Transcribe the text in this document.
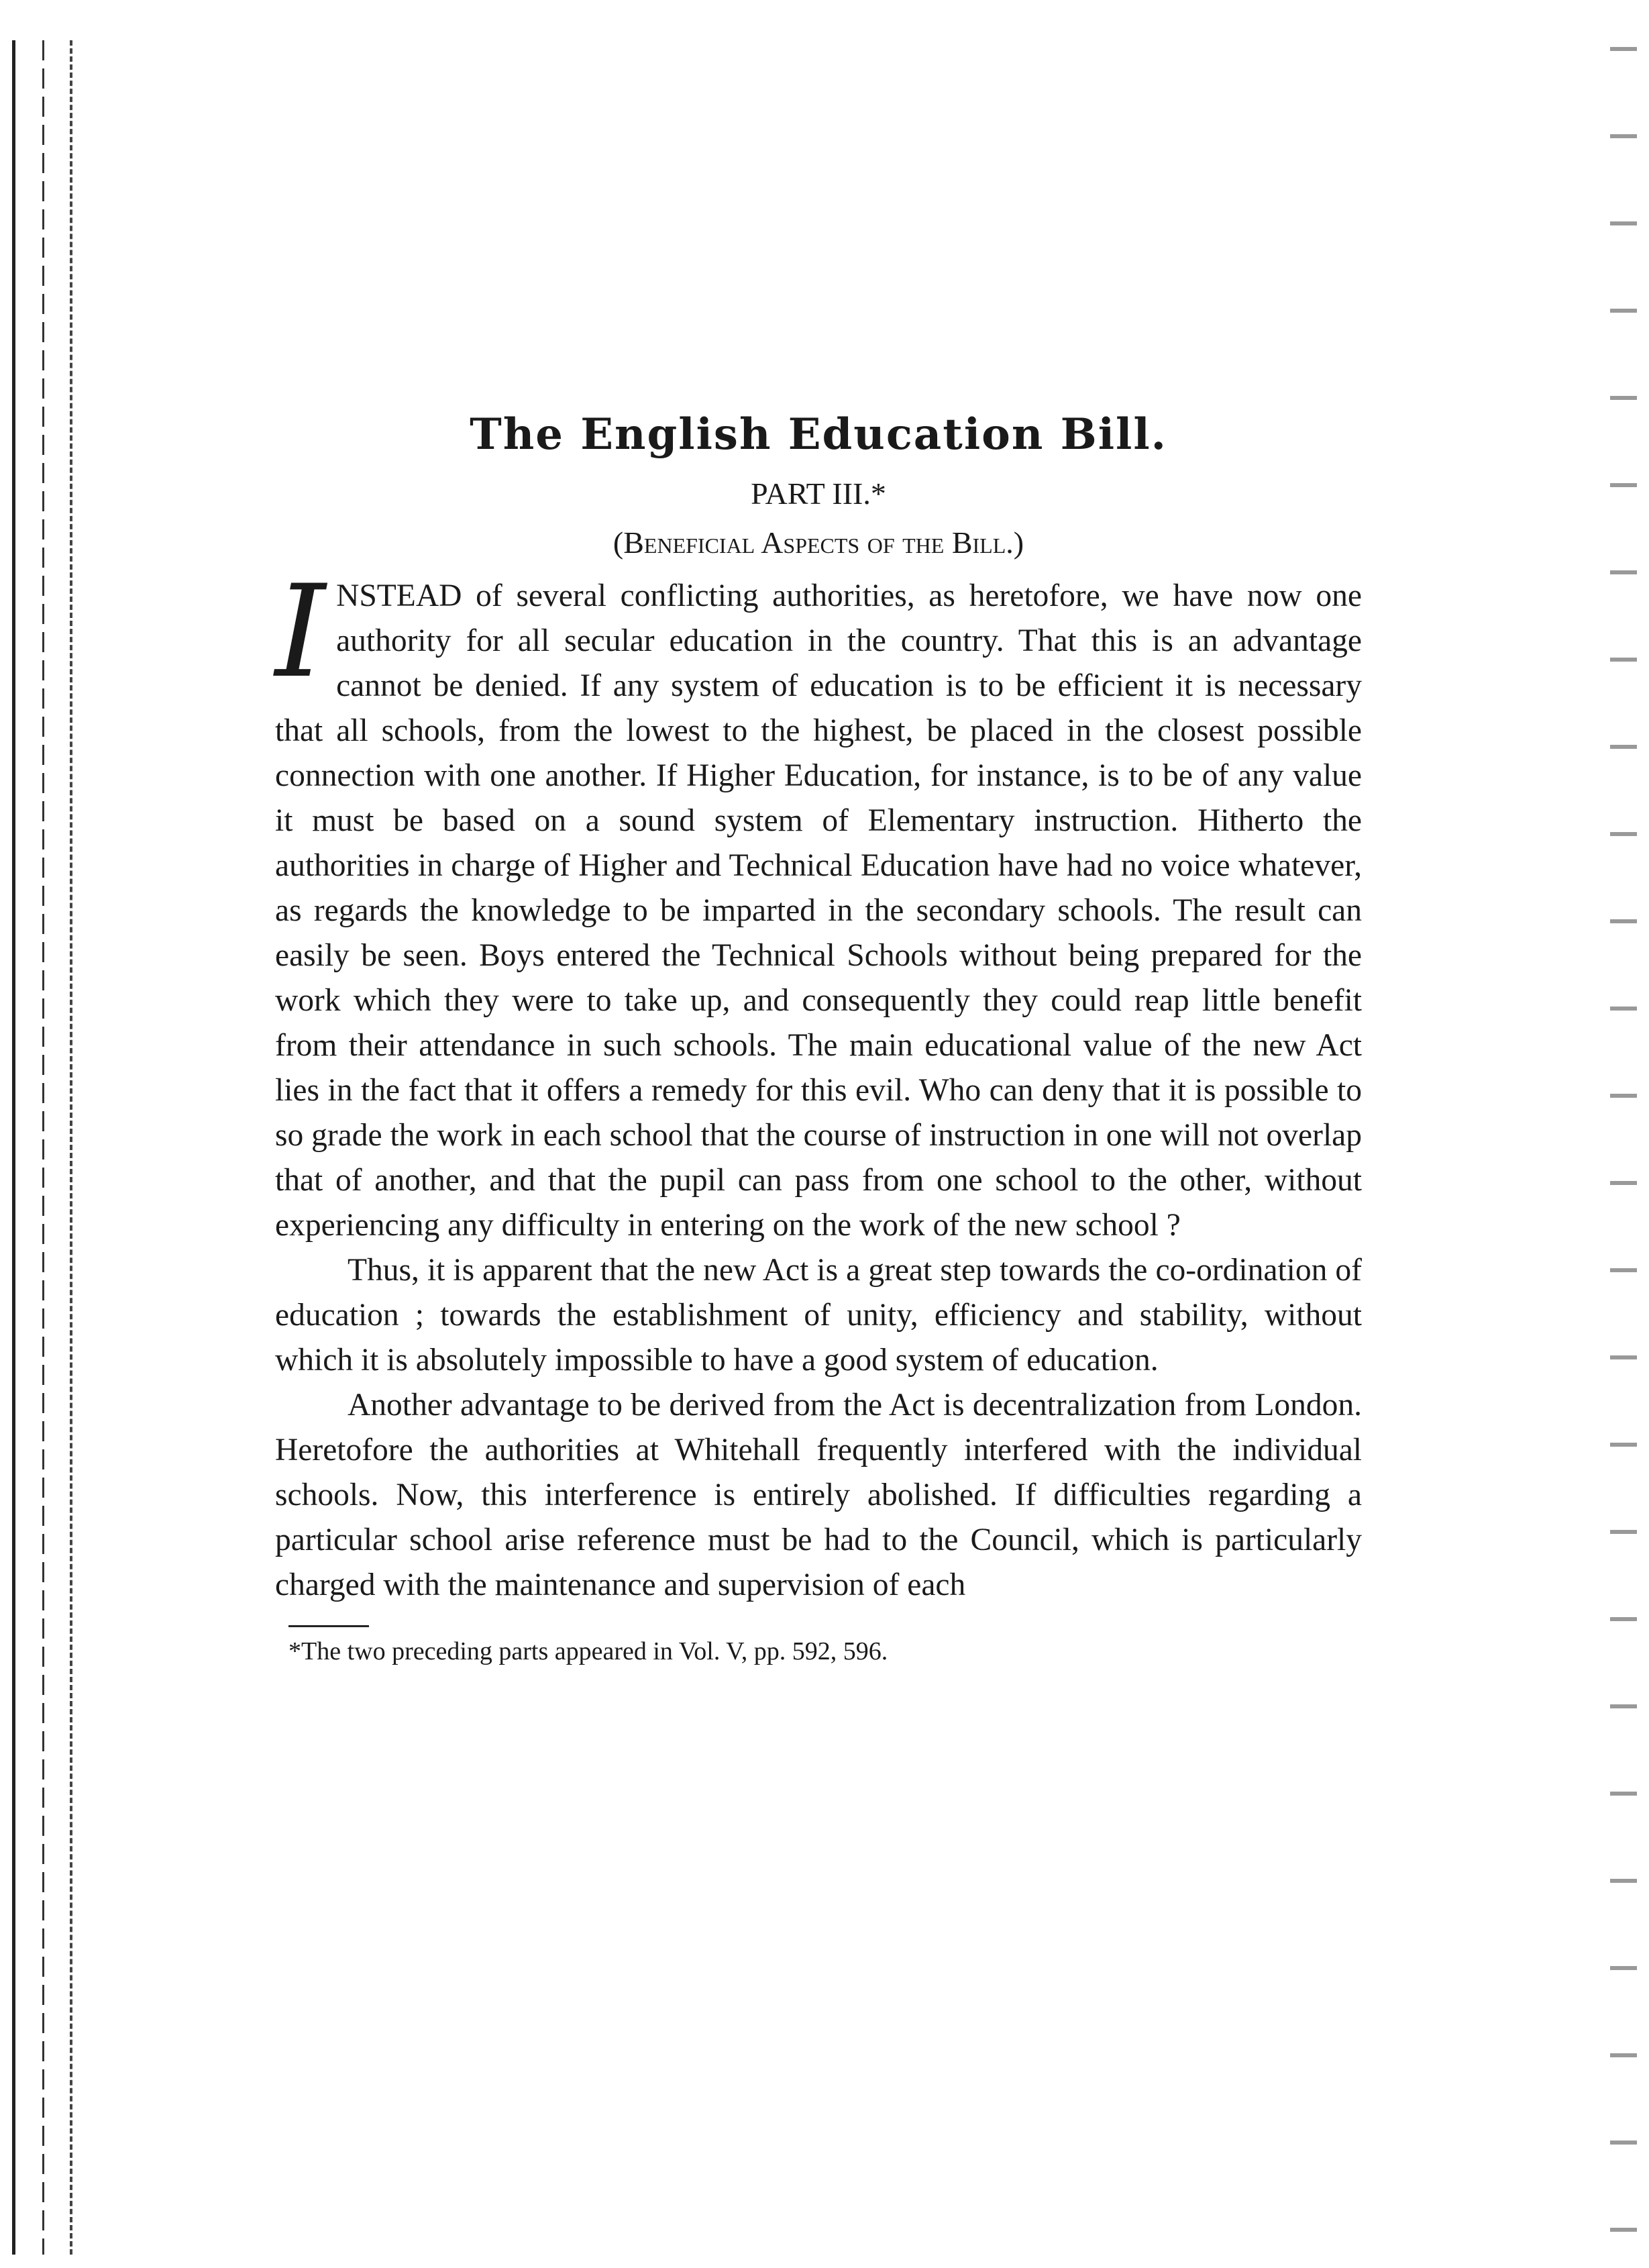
The English Education Bill.
PART III.*
(Beneficial Aspects of the Bill.)

INSTEAD of several conflicting authorities, as heretofore, we have now one authority for all secular education in the country. That this is an advantage cannot be denied. If any system of education is to be efficient it is necessary that all schools, from the lowest to the highest, be placed in the closest possible connection with one another. If Higher Education, for instance, is to be of any value it must be based on a sound system of Elementary instruction. Hitherto the authorities in charge of Higher and Technical Education have had no voice whatever, as regards the knowledge to be imparted in the secondary schools. The result can easily be seen. Boys entered the Technical Schools without being prepared for the work which they were to take up, and consequently they could reap little benefit from their attendance in such schools. The main educational value of the new Act lies in the fact that it offers a remedy for this evil. Who can deny that it is possible to so grade the work in each school that the course of instruction in one will not overlap that of another, and that the pupil can pass from one school to the other, without experiencing any difficulty in entering on the work of the new school ?

Thus, it is apparent that the new Act is a great step towards the co-ordination of education ; towards the establishment of unity, efficiency and stability, without which it is absolutely impossible to have a good system of education.

Another advantage to be derived from the Act is decentralization from London. Heretofore the authorities at Whitehall frequently interfered with the individual schools. Now, this interference is entirely abolished. If difficulties regarding a particular school arise reference must be had to the Council, which is particularly charged with the maintenance and supervision of each

*The two preceding parts appeared in Vol. V, pp. 592, 596.
